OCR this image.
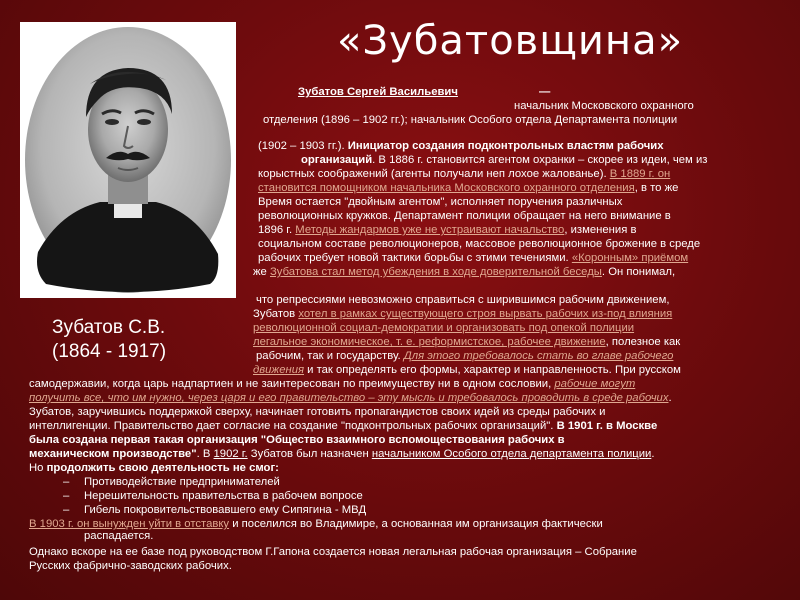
«Зубатовщина»
Зубатов С.В.
(1864 - 1917)
Зубатов Сергей Васильевич	—
начальник Московского охранного
отделения (1896 – 1902 гг.); начальник Особого отдела Департамента полиции
(1902 – 1903 гг.). Инициатор создания подконтрольных властям рабочих
организаций. В 1886 г. становится агентом охранки – скорее из идеи, чем из
корыстных соображений (агенты получали неп лохое жалованье). В 1889 г. он
становится помощником начальника Московского охранного отделения, в то же
Время остается "двойным агентом", исполняет поручения различных
революционных кружков. Департамент полиции обращает на него внимание в
1896 г. Методы жандармов уже не устраивают начальство, изменения в
социальном составе революционеров, массовое революционное брожение в среде
рабочих требует новой тактики борьбы с этими течениями. «Коронным» приёмом
же Зубатова стал метод убеждения в ходе доверительной беседы. Он понимал,
что репрессиями невозможно справиться с ширившимся рабочим движением,
Зубатов хотел в рамках существующего строя вырвать рабочих из-под влияния
революционной социал-демократии и организовать под опекой полиции
легальное экономическое, т. е. реформистское, рабочее движение, полезное как
рабочим, так и государству. Для этого требовалось стать во главе рабочего
движения и так определять его формы, характер и направленность. При русском
самодержавии, когда царь надпартиен и не заинтересован по преимуществу ни в одном сословии, рабочие могут
получить все, что им нужно, через царя и его правительство – эту мысль и требовалось проводить в среде рабочих.
Зубатов, заручившись поддержкой сверху, начинает готовить пропагандистов своих идей из среды рабочих и
интеллигенции. Правительство дает согласие на создание "подконтрольных рабочих организаций". В 1901 г. в Москве
была создана первая такая организация "Общество взаимного вспомоществования рабочих в
механическом производстве". В 1902 г. Зубатов был назначен начальником Особого отдела департамента полиции.
Но продолжить свою деятельность не смог:
– Противодействие предпринимателей
– Нерешительность правительства в рабочем вопросе
– Гибель покровительствовавшего ему Сипягина - МВД
В 1903 г. он вынужден уйти в отставку и поселился во Владимире, а основанная им организация фактически
распадается.
Однако вскоре на ее базе под руководством Г.Гапона создается новая легальная рабочая организация – Собрание
Русских фабрично-заводских рабочих.
